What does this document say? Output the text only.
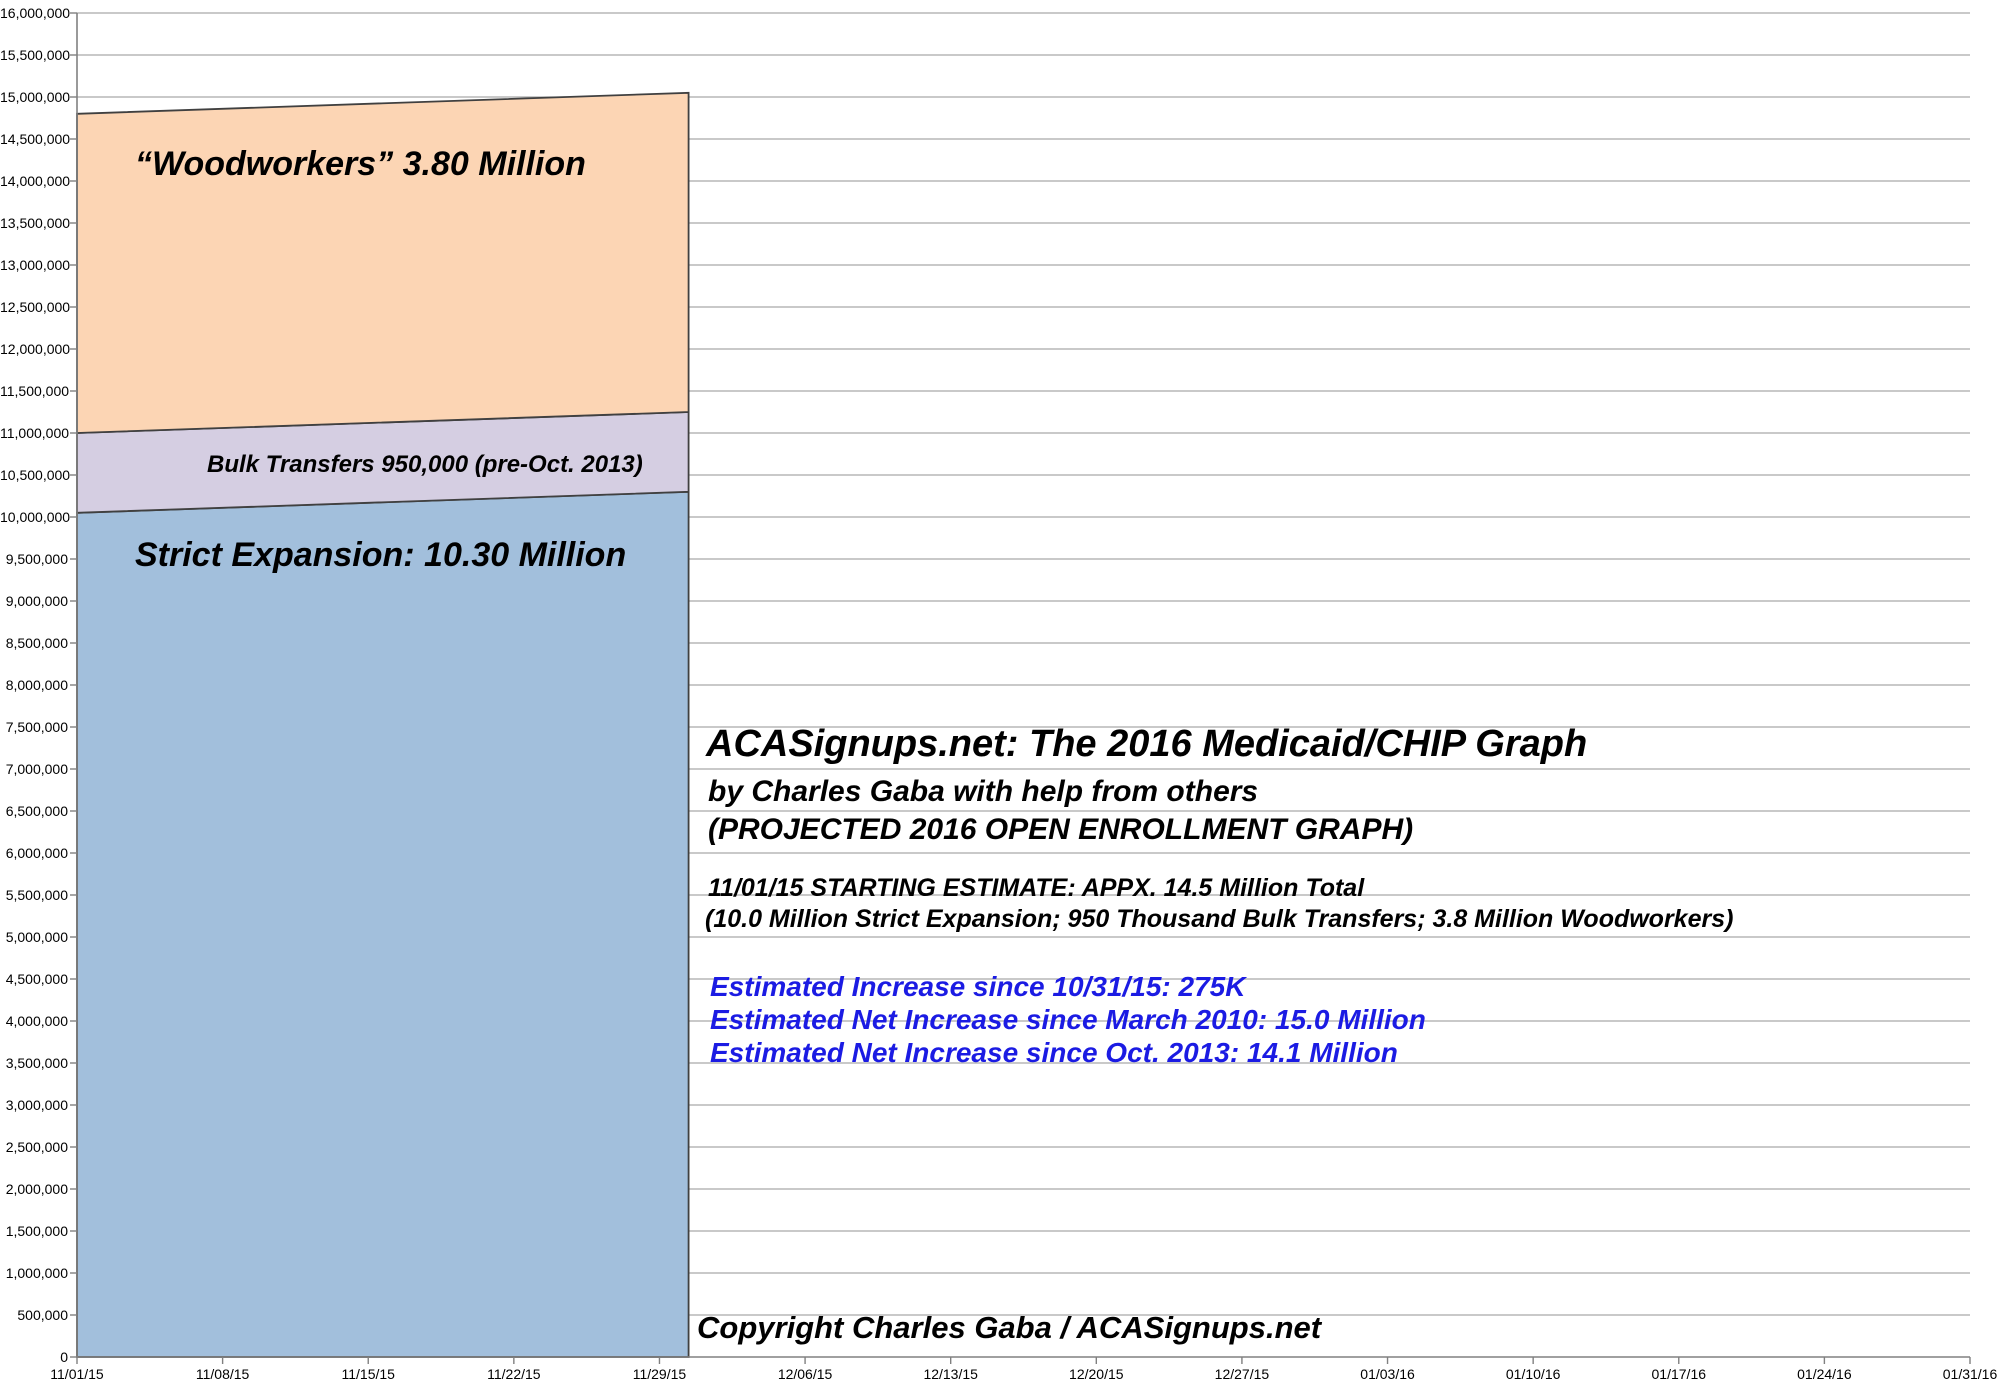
16,000,000
15,500,000
15,000,000
14,500,000
14,000,000
13,500,000
13,000,000
12,500,000
12,000,000
11,500,000
11,000,000
10,500,000
10,000,000
9,500,000
9,000,000
8,500,000
8,000,000
7,500,000
7,000,000
6,500,000
6,000,000
5,500,000
5,000,000
4,500,000
4,000,000
3,500,000
3,000,000
2,500,000
2,000,000
1,500,000
1,000,000
500,000
0
11/01/15	11/08/15	11/15/15	11/22/15	11/29/15	12/06/15	12/13/15	12/20/15	12/27/15	01/03/16	01/10/16	01/17/16	01/24/16	01/31/16
“Woodworkers” 3.80 Million
Bulk Transfers 950,000 (pre-Oct. 2013)
Strict Expansion: 10.30 Million
ACASignups.net: The 2016 Medicaid/CHIP Graph
by Charles Gaba with help from others
(PROJECTED 2016 OPEN ENROLLMENT GRAPH)
11/01/15 STARTING ESTIMATE: APPX. 14.5 Million Total
(10.0 Million Strict Expansion; 950 Thousand Bulk Transfers; 3.8 Million Woodworkers)
Estimated Increase since 10/31/15: 275K
Estimated Net Increase since March 2010: 15.0 Million
Estimated Net Increase since Oct. 2013: 14.1 Million
Copyright Charles Gaba / ACASignups.net
